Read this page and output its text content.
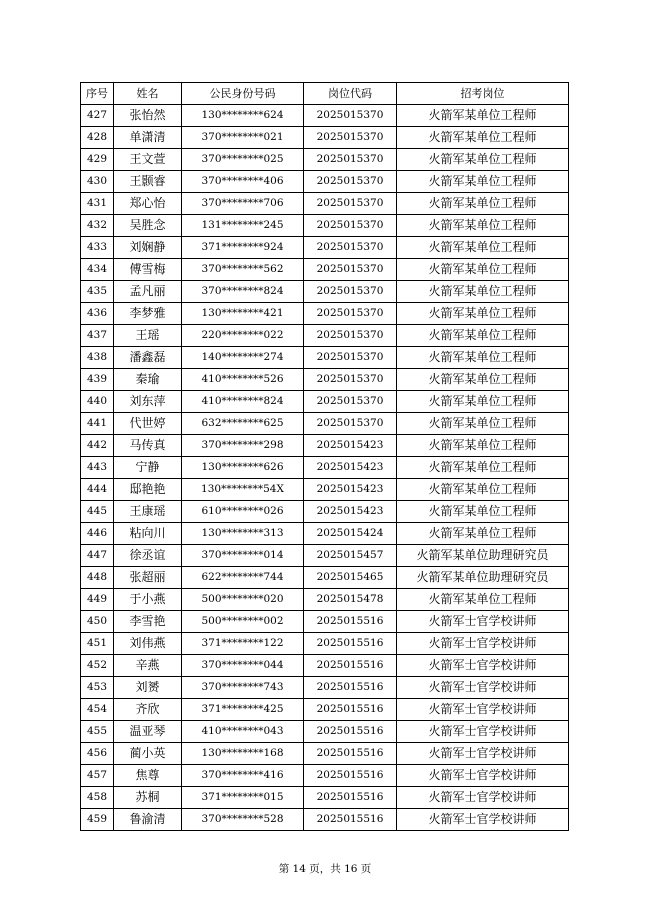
序号	姓名	公民身份号码	岗位代码	招考岗位
427	张怡然	130********624	2025015370	火箭军某单位工程师
428	单潇清	370********021	2025015370	火箭军某单位工程师
429	王文萱	370********025	2025015370	火箭军某单位工程师
430	王颢睿	370********406	2025015370	火箭军某单位工程师
431	郑心怡	370********706	2025015370	火箭军某单位工程师
432	吴胜念	131********245	2025015370	火箭军某单位工程师
433	刘娴静	371********924	2025015370	火箭军某单位工程师
434	傅雪梅	370********562	2025015370	火箭军某单位工程师
435	孟凡丽	370********824	2025015370	火箭军某单位工程师
436	李梦雅	130********421	2025015370	火箭军某单位工程师
437	王瑶	220********022	2025015370	火箭军某单位工程师
438	潘鑫磊	140********274	2025015370	火箭军某单位工程师
439	秦瑜	410********526	2025015370	火箭军某单位工程师
440	刘东萍	410********824	2025015370	火箭军某单位工程师
441	代世婷	632********625	2025015370	火箭军某单位工程师
442	马传真	370********298	2025015423	火箭军某单位工程师
443	宁静	130********626	2025015423	火箭军某单位工程师
444	邸艳艳	130********54X	2025015423	火箭军某单位工程师
445	王康瑶	610********026	2025015423	火箭军某单位工程师
446	粘向川	130********313	2025015424	火箭军某单位工程师
447	徐丞谊	370********014	2025015457	火箭军某单位助理研究员
448	张超丽	622********744	2025015465	火箭军某单位助理研究员
449	于小燕	500********020	2025015478	火箭军某单位工程师
450	李雪艳	500********002	2025015516	火箭军士官学校讲师
451	刘伟燕	371********122	2025015516	火箭军士官学校讲师
452	辛燕	370********044	2025015516	火箭军士官学校讲师
453	刘赟	370********743	2025015516	火箭军士官学校讲师
454	齐欣	371********425	2025015516	火箭军士官学校讲师
455	温亚琴	410********043	2025015516	火箭军士官学校讲师
456	蔺小英	130********168	2025015516	火箭军士官学校讲师
457	焦尊	370********416	2025015516	火箭军士官学校讲师
458	苏桐	371********015	2025015516	火箭军士官学校讲师
459	鲁渝清	370********528	2025015516	火箭军士官学校讲师
第 14 页，共 16 页
